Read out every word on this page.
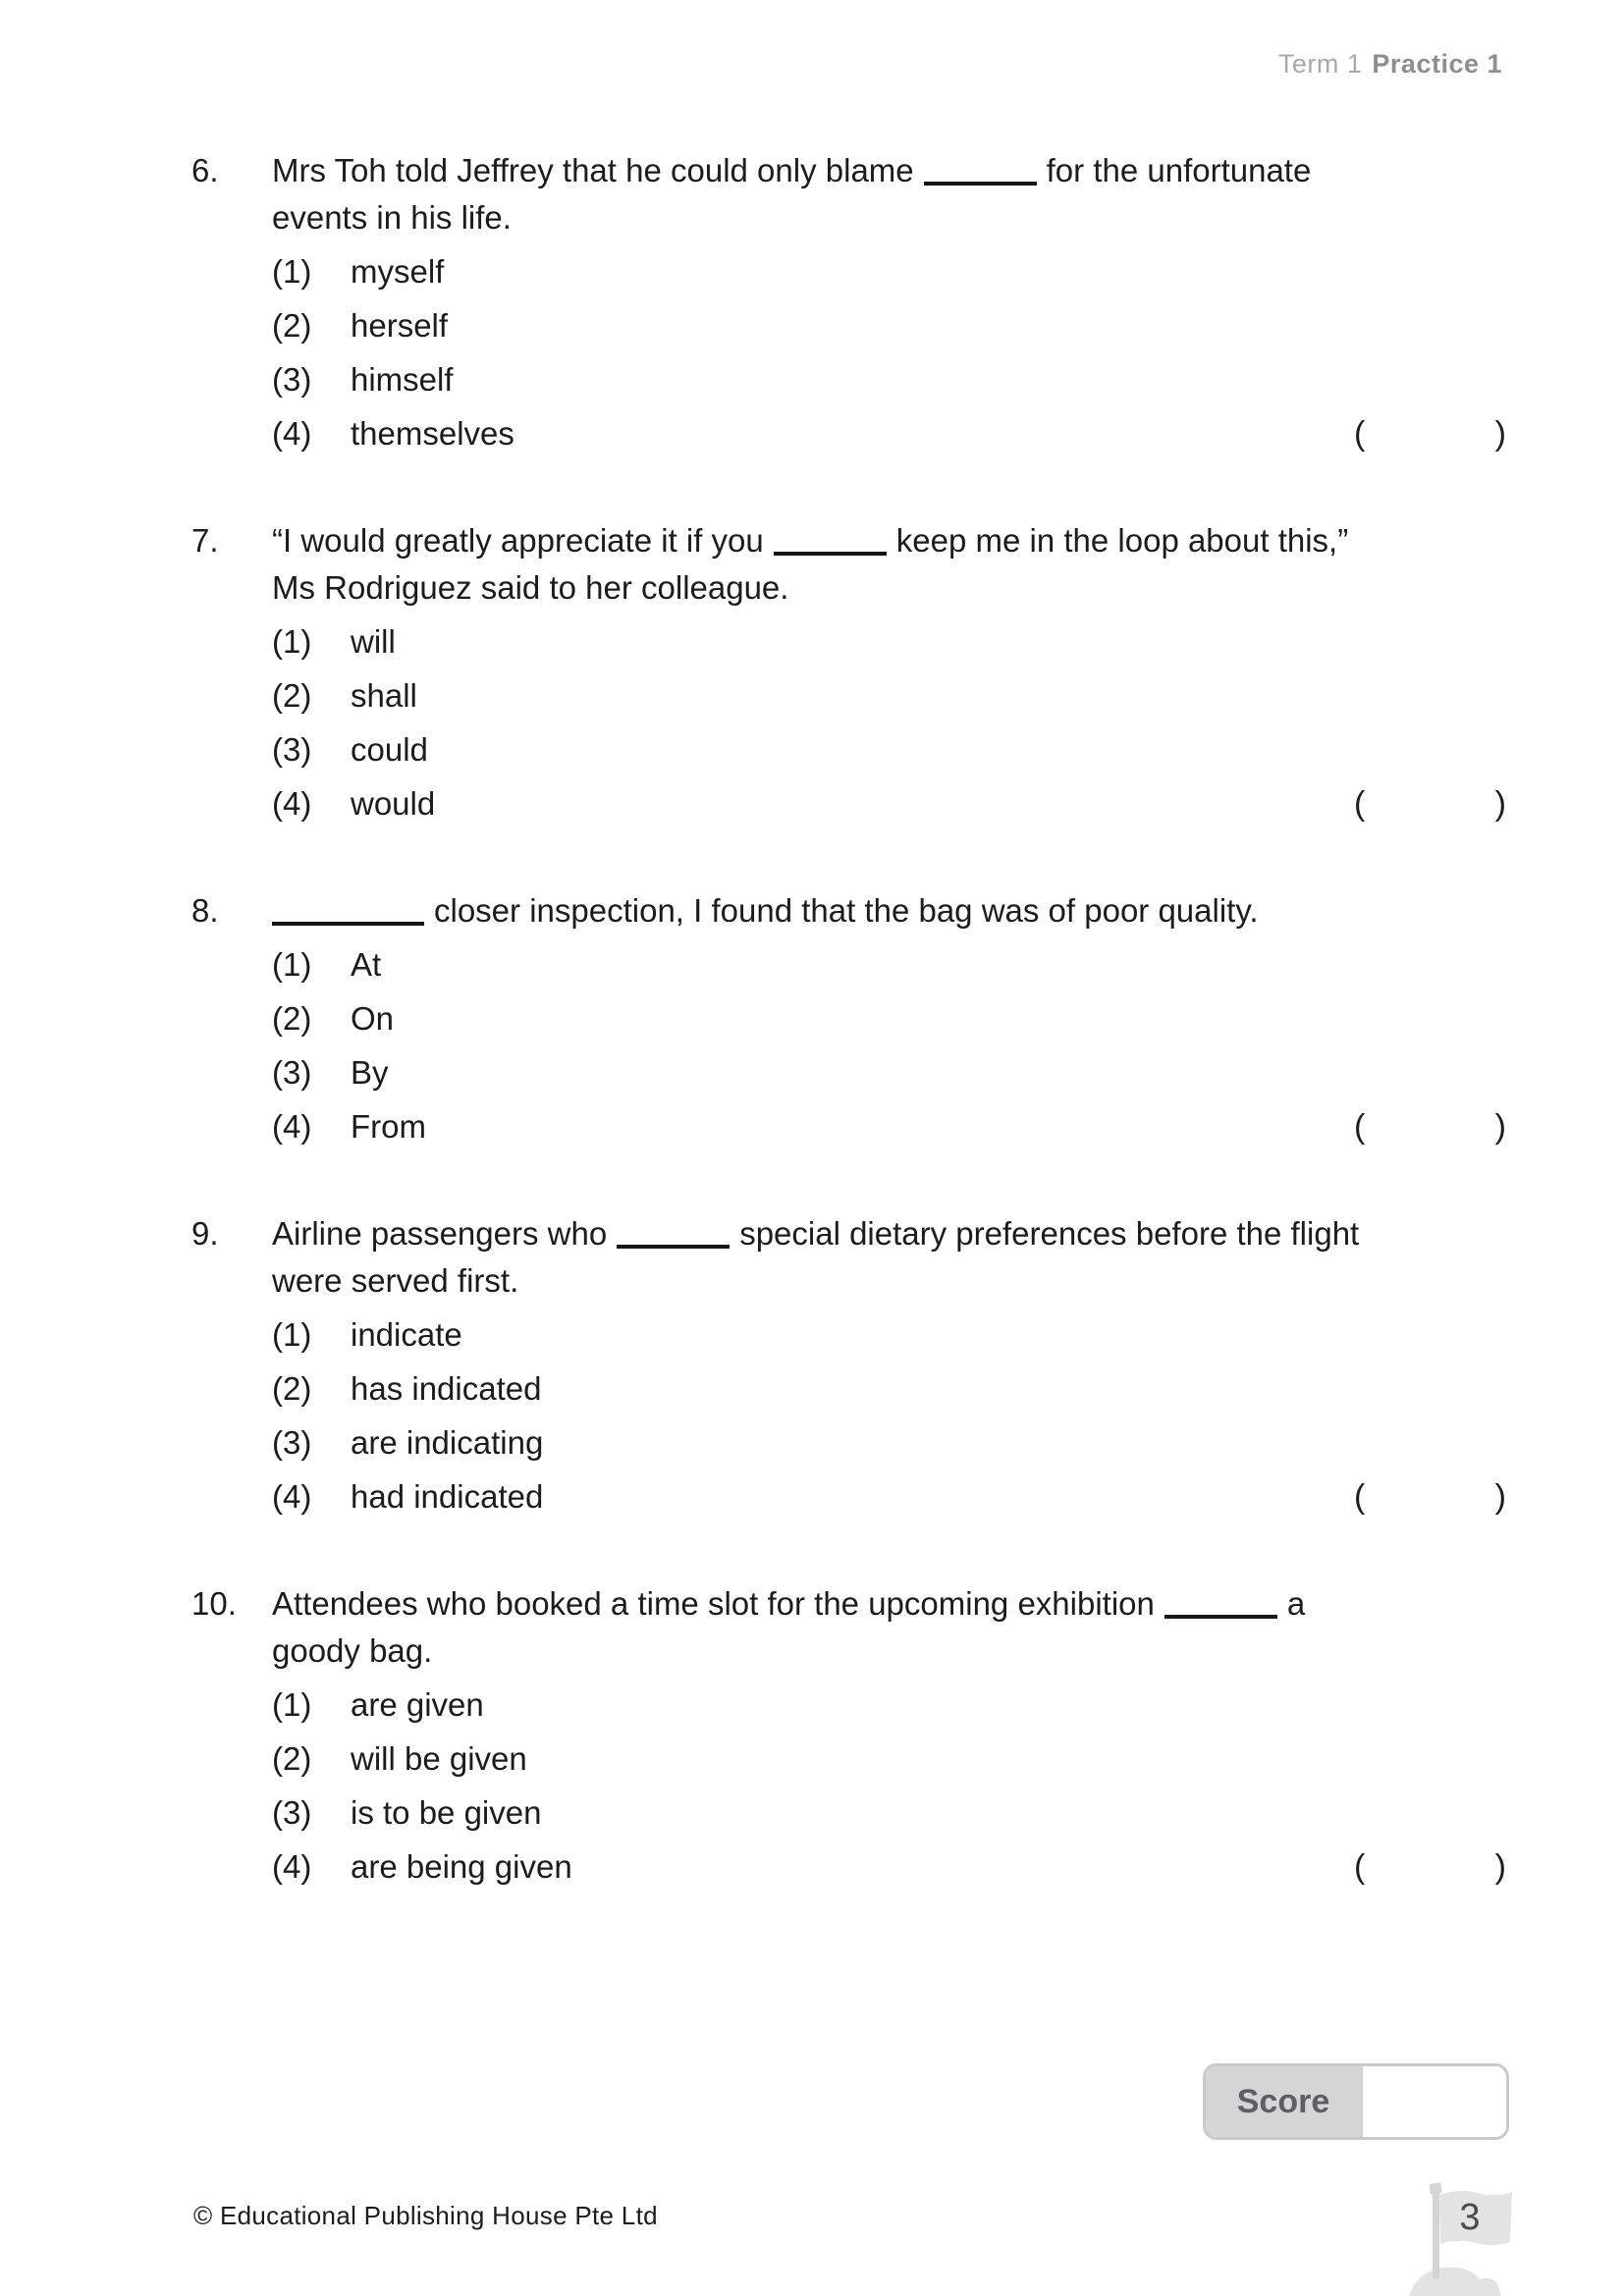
Term 1 Practice 1
6.	Mrs Toh told Jeffrey that he could only blame	for the unfortunate
events in his life.
(1)	myself
(2)	herself
(3)	himself
(4)	themselves	(	)
7.	“I would greatly appreciate it if you	keep me in the loop about this,”
Ms Rodriguez said to her colleague.
(1)	will
(2)	shall
(3)	could
(4)	would	(	)
8.	closer inspection, I found that the bag was of poor quality.
(1)	At
(2)	On
(3)	By
(4)	From	(	)
9.	Airline passengers who	special dietary preferences before the flight
were served first.
(1)	indicate
(2)	has indicated
(3)	are indicating
(4)	had indicated	(	)
10.	Attendees who booked a time slot for the upcoming exhibition	a
goody bag.
(1)	are given
(2)	will be given
(3)	is to be given
(4)	are being given	(	)
Score
© Educational Publishing House Pte Ltd	3
